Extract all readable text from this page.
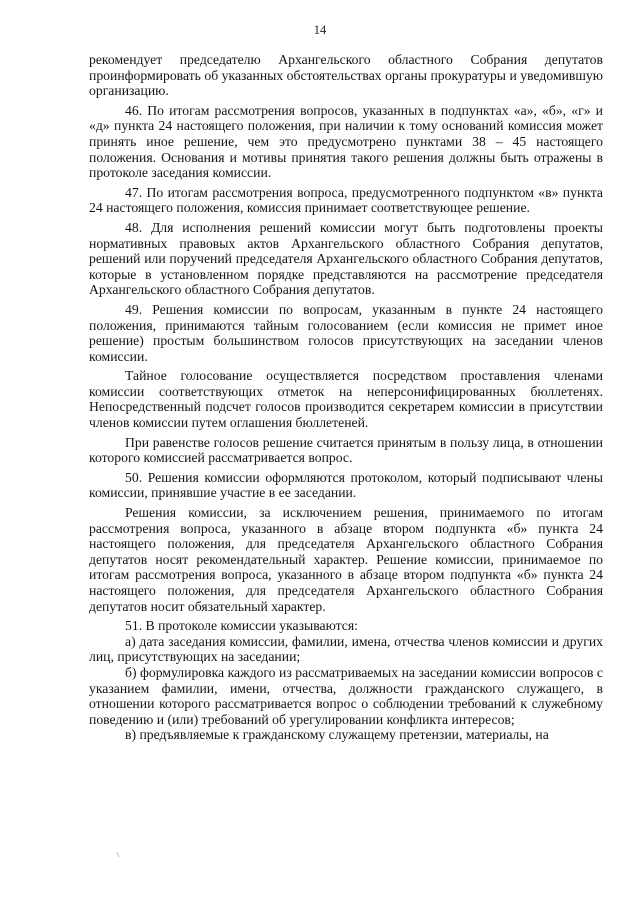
14

рекомендует председателю Архангельского областного Собрания депутатов проинформировать об указанных обстоятельствах органы прокуратуры и уведомившую организацию.

46. По итогам рассмотрения вопросов, указанных в подпунктах «а», «б», «г» и «д» пункта 24 настоящего положения, при наличии к тому оснований комиссия может принять иное решение, чем это предусмотрено пунктами 38 – 45 настоящего положения. Основания и мотивы принятия такого решения должны быть отражены в протоколе заседания комиссии.

47. По итогам рассмотрения вопроса, предусмотренного подпунктом «в» пункта 24 настоящего положения, комиссия принимает соответствующее решение.

48. Для исполнения решений комиссии могут быть подготовлены проекты нормативных правовых актов Архангельского областного Собрания депутатов, решений или поручений председателя Архангельского областного Собрания депутатов, которые в установленном порядке представляются на рассмотрение председателя Архангельского областного Собрания депутатов.

49. Решения комиссии по вопросам, указанным в пункте 24 настоящего положения, принимаются тайным голосованием (если комиссия не примет иное решение) простым большинством голосов присутствующих на заседании членов комиссии.

Тайное голосование осуществляется посредством проставления членами комиссии соответствующих отметок на неперсонифицированных бюллетенях. Непосредственный подсчет голосов производится секретарем комиссии в присутствии членов комиссии путем оглашения бюллетеней.

При равенстве голосов решение считается принятым в пользу лица, в отношении которого комиссией рассматривается вопрос.

50. Решения комиссии оформляются протоколом, который подписывают члены комиссии, принявшие участие в ее заседании.

Решения комиссии, за исключением решения, принимаемого по итогам рассмотрения вопроса, указанного в абзаце втором подпункта «б» пункта 24 настоящего положения, для председателя Архангельского областного Собрания депутатов носят рекомендательный характер. Решение комиссии, принимаемое по итогам рассмотрения вопроса, указанного в абзаце втором подпункта «б» пункта 24 настоящего положения, для председателя Архангельского областного Собрания депутатов носит обязательный характер.

51. В протоколе комиссии указываются:

а) дата заседания комиссии, фамилии, имена, отчества членов комиссии и других лиц, присутствующих на заседании;

б) формулировка каждого из рассматриваемых на заседании комиссии вопросов с указанием фамилии, имени, отчества, должности гражданского служащего, в отношении которого рассматривается вопрос о соблюдении требований к служебному поведению и (или) требований об урегулировании конфликта интересов;

в) предъявляемые к гражданскому служащему претензии, материалы, на
